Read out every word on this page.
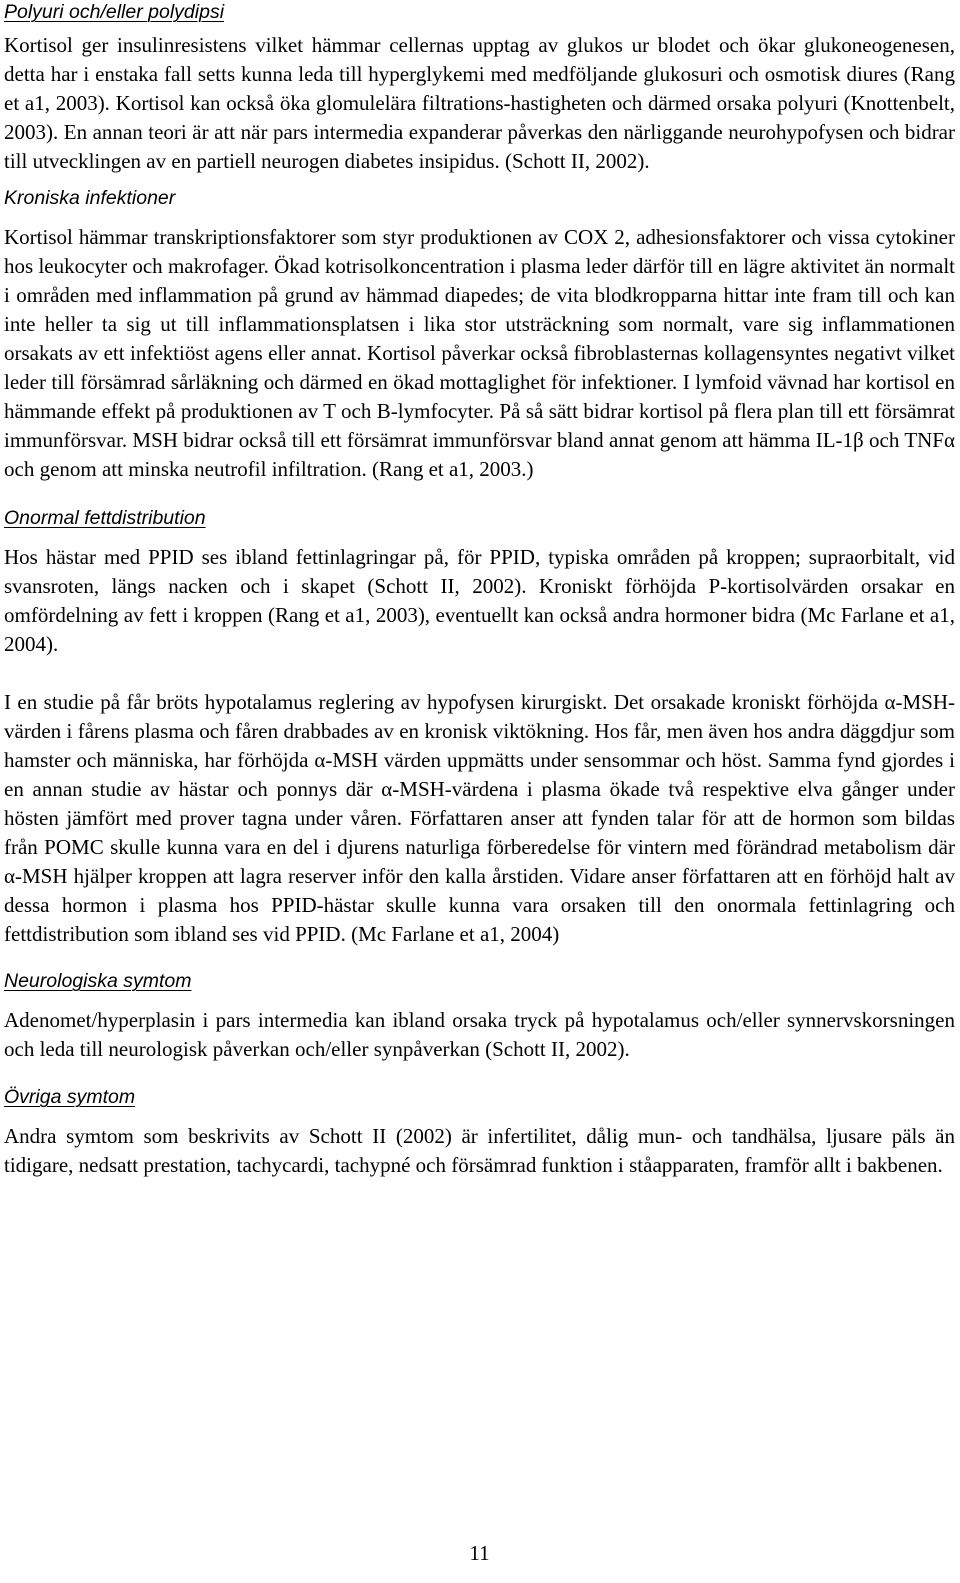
Polyuri och/eller polydipsi

Kortisol ger insulinresistens vilket hämmar cellernas upptag av glukos ur blodet och ökar glukoneogenesen, detta har i enstaka fall setts kunna leda till hyperglykemi med medföljande glukosuri och osmotisk diures (Rang et a1, 2003). Kortisol kan också öka glomulelära filtrations-hastigheten och därmed orsaka polyuri (Knottenbelt, 2003). En annan teori är att när pars intermedia expanderar påverkas den närliggande neurohypofysen och bidrar till utvecklingen av en partiell neurogen diabetes insipidus. (Schott II, 2002).

Kroniska infektioner

Kortisol hämmar transkriptionsfaktorer som styr produktionen av COX 2, adhesionsfaktorer och vissa cytokiner hos leukocyter och makrofager. Ökad kotrisolkoncentration i plasma leder därför till en lägre aktivitet än normalt i områden med inflammation på grund av hämmad diapedes; de vita blodkropparna hittar inte fram till och kan inte heller ta sig ut till inflammationsplatsen i lika stor utsträckning som normalt, vare sig inflammationen orsakats av ett infektiöst agens eller annat. Kortisol påverkar också fibroblasternas kollagensyntes negativt vilket leder till försämrad sårläkning och därmed en ökad mottaglighet för infektioner. I lymfoid vävnad har kortisol en hämmande effekt på produktionen av T och B-lymfocyter. På så sätt bidrar kortisol på flera plan till ett försämrat immunförsvar. MSH bidrar också till ett försämrat immunförsvar bland annat genom att hämma IL-1β och TNFα och genom att minska neutrofil infiltration. (Rang et a1, 2003.)

Onormal fettdistribution

Hos hästar med PPID ses ibland fettinlagringar på, för PPID, typiska områden på kroppen; supraorbitalt, vid svansroten, längs nacken och i skapet (Schott II, 2002). Kroniskt förhöjda P-kortisolvärden orsakar en omfördelning av fett i kroppen (Rang et a1, 2003), eventuellt kan också andra hormoner bidra (Mc Farlane et a1, 2004).

I en studie på får bröts hypotalamus reglering av hypofysen kirurgiskt. Det orsakade kroniskt förhöjda α-MSH-värden i fårens plasma och fåren drabbades av en kronisk viktökning. Hos får, men även hos andra däggdjur som hamster och människa, har förhöjda α-MSH värden uppmätts under sensommar och höst. Samma fynd gjordes i en annan studie av hästar och ponnys där α-MSH-värdena i plasma ökade två respektive elva gånger under hösten jämfört med prover tagna under våren. Författaren anser att fynden talar för att de hormon som bildas från POMC skulle kunna vara en del i djurens naturliga förberedelse för vintern med förändrad metabolism där α-MSH hjälper kroppen att lagra reserver inför den kalla årstiden. Vidare anser författaren att en förhöjd halt av dessa hormon i plasma hos PPID-hästar skulle kunna vara orsaken till den onormala fettinlagring och fettdistribution som ibland ses vid PPID. (Mc Farlane et a1, 2004)

Neurologiska symtom

Adenomet/hyperplasin i pars intermedia kan ibland orsaka tryck på hypotalamus och/eller synnervskorsningen och leda till neurologisk påverkan och/eller synpåverkan (Schott II, 2002).

Övriga symtom

Andra symtom som beskrivits av Schott II (2002) är infertilitet, dålig mun- och tandhälsa, ljusare päls än tidigare, nedsatt prestation, tachycardi, tachypné och försämrad funktion i ståapparaten, framför allt i bakbenen.

11
